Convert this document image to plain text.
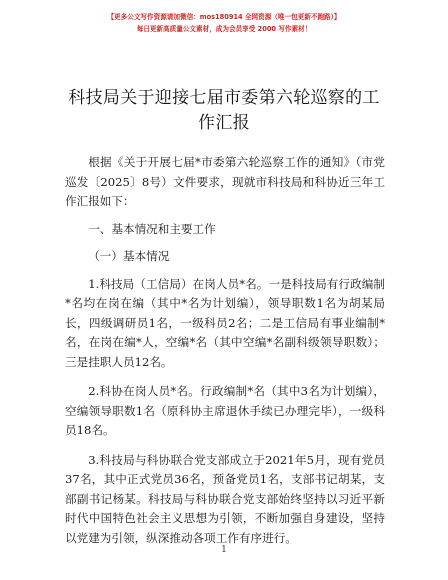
【更多公文写作资源请加微信：mos180914 全网资源（唯一包更新不跑路）】
每日更新高质量公文素材，成为会员享受 2000 写作素材！
科技局关于迎接七届市委第六轮巡察的工作汇报

根据《关于开展七届*市委第六轮巡察工作的通知》（市党巡发〔2025〕8号）文件要求，现就市科技局和科协近三年工作汇报如下：

一、基本情况和主要工作

（一）基本情况

1.科技局（工信局）在岗人员*名。一是科技局有行政编制*名均在岗在编（其中*名为计划编），领导职数1名为胡某局长，四级调研员1名，一级科员2名；二是工信局有事业编制*名，在岗在编*人，空编*名（其中空编*名副科级领导职数）；三是挂职人员12名。

2.科协在岗人员*名。行政编制*名（其中3名为计划编），空编领导职数1名（原科协主席退休手续已办理完毕），一级科员18名。

3.科技局与科协联合党支部成立于2021年5月，现有党员37名，其中正式党员36名，预备党员1名，支部书记胡某，支部副书记杨某。科技局与科协联合党支部始终坚持以习近平新时代中国特色社会主义思想为引领，不断加强自身建设，坚持以党建为引领，纵深推动各项工作有序进行。

1
